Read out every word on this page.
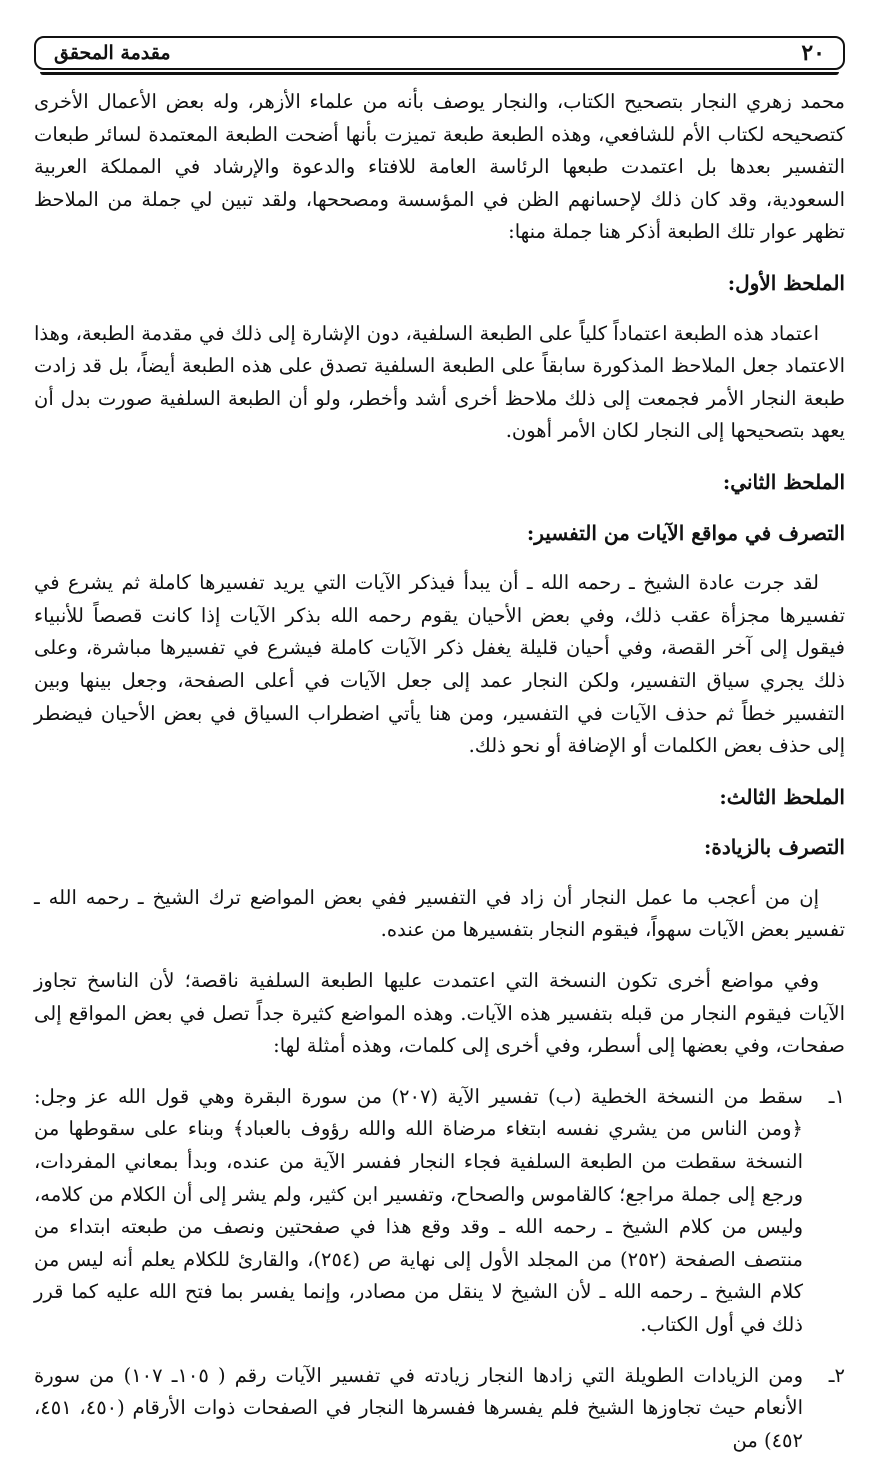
٢٠
مقدمة المحقق

محمد زهري النجار بتصحيح الكتاب، والنجار يوصف بأنه من علماء الأزهر، وله بعض الأعمال الأخرى كتصحيحه لكتاب الأم للشافعي، وهذه الطبعة طبعة تميزت بأنها أضحت الطبعة المعتمدة لسائر طبعات التفسير بعدها بل اعتمدت طبعها الرئاسة العامة للافتاء والدعوة والإرشاد في المملكة العربية السعودية، وقد كان ذلك لإحسانهم الظن في المؤسسة ومصححها، ولقد تبين لي جملة من الملاحظ تظهر عوار تلك الطبعة أذكر هنا جملة منها:

الملحظ الأول:

اعتماد هذه الطبعة اعتماداً كلياً على الطبعة السلفية، دون الإشارة إلى ذلك في مقدمة الطبعة، وهذا الاعتماد جعل الملاحظ المذكورة سابقاً على الطبعة السلفية تصدق على هذه الطبعة أيضاً، بل قد زادت طبعة النجار الأمر فجمعت إلى ذلك ملاحظ أخرى أشد وأخطر، ولو أن الطبعة السلفية صورت بدل أن يعهد بتصحيحها إلى النجار لكان الأمر أهون.

الملحظ الثاني:

التصرف في مواقع الآيات من التفسير:

لقد جرت عادة الشيخ ـ رحمه الله ـ أن يبدأ فيذكر الآيات التي يريد تفسيرها كاملة ثم يشرع في تفسيرها مجزأة عقب ذلك، وفي بعض الأحيان يقوم رحمه الله بذكر الآيات إذا كانت قصصاً للأنبياء فيقول إلى آخر القصة، وفي أحيان قليلة يغفل ذكر الآيات كاملة فيشرع في تفسيرها مباشرة، وعلى ذلك يجري سياق التفسير، ولكن النجار عمد إلى جعل الآيات في أعلى الصفحة، وجعل بينها وبين التفسير خطاً ثم حذف الآيات في التفسير، ومن هنا يأتي اضطراب السياق في بعض الأحيان فيضطر إلى حذف بعض الكلمات أو الإضافة أو نحو ذلك.

الملحظ الثالث:

التصرف بالزيادة:

إن من أعجب ما عمل النجار أن زاد في التفسير ففي بعض المواضع ترك الشيخ ـ رحمه الله ـ تفسير بعض الآيات سهواً، فيقوم النجار بتفسيرها من عنده.

وفي مواضع أخرى تكون النسخة التي اعتمدت عليها الطبعة السلفية ناقصة؛ لأن الناسخ تجاوز الآيات فيقوم النجار من قبله بتفسير هذه الآيات. وهذه المواضع كثيرة جداً تصل في بعض المواقع إلى صفحات، وفي بعضها إلى أسطر، وفي أخرى إلى كلمات، وهذه أمثلة لها:

١ـ
سقط من النسخة الخطية (ب) تفسير الآية (٢٠٧) من سورة البقرة وهي قول الله عز وجل: ﴿ومن الناس من يشري نفسه ابتغاء مرضاة الله والله رؤوف بالعباد﴾ وبناء على سقوطها من النسخة سقطت من الطبعة السلفية فجاء النجار ففسر الآية من عنده، وبدأ بمعاني المفردات، ورجع إلى جملة مراجع؛ كالقاموس والصحاح، وتفسير ابن كثير، ولم يشر إلى أن الكلام من كلامه، وليس من كلام الشيخ ـ رحمه الله ـ وقد وقع هذا في صفحتين ونصف من طبعته ابتداء من منتصف الصفحة (٢٥٢) من المجلد الأول إلى نهاية ص (٢٥٤)، والقارئ للكلام يعلم أنه ليس من كلام الشيخ ـ رحمه الله ـ لأن الشيخ لا ينقل من مصادر، وإنما يفسر بما فتح الله عليه كما قرر ذلك في أول الكتاب.
٢ـ
ومن الزيادات الطويلة التي زادها النجار زيادته في تفسير الآيات رقم ( ١٠٥ـ ١٠٧) من سورة الأنعام حيث تجاوزها الشيخ فلم يفسرها ففسرها النجار في الصفحات ذوات الأرقام (٤٥٠، ٤٥١، ٤٥٢) من
